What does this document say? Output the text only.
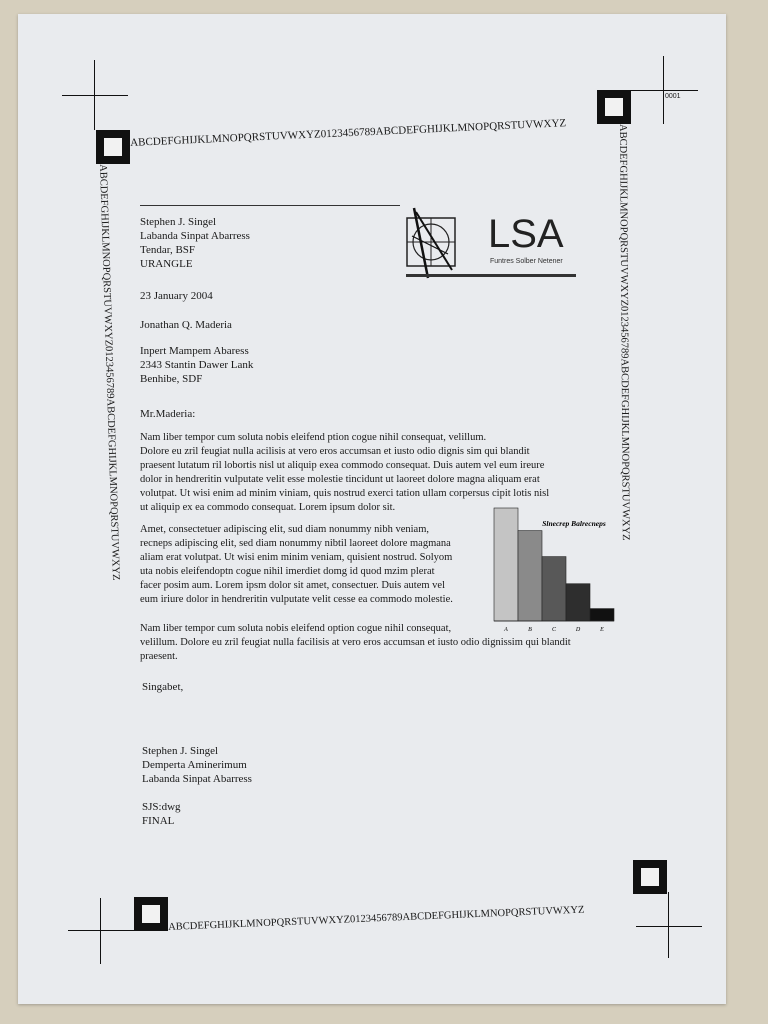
0001
ABCDEFGHIJKLMNOPQRSTUVWXYZ0123456789ABCDEFGHIJKLMNOPQRSTUVWXYZ
ABCDEFGHIJKLMNOPQRSTUVWXYZ0123456789ABCDEFGHIJKLMNOPQRSTUVWXYZ
ABCDEFGHIJKLMNOPQRSTUVWXYZ0123456789ABCDEFGHIJKLMNOPQRSTUVWXYZ	ABCDEFGHIJKLMNOPQRSTUVWXYZ0123456789ABCDEFGHIJKLMNOPQRSTUVWXYZ
Stephen J. Singel
Labanda Sinpat Abarress
Tendar, BSF
URANGLE
23 January 2004
Jonathan Q. Maderia
Inpert Mampem Abaress
2343 Stantin Dawer Lank
Benhibe, SDF
LSA
Funtres Solber Netener
Mr.Maderia:
Nam liber tempor cum soluta nobis eleifend ption cogue nihil consequat, velillum.
Dolore eu zril feugiat nulla acilisis at vero eros accumsan et iusto odio dignis sim qui blandit
praesent lutatum ril lobortis nisl ut aliquip exea commodo consequat. Duis autem vel eum ireure
dolor in hendreritin vulputate velit esse molestie tincidunt ut laoreet dolore magna aliquam erat
volutpat. Ut wisi enim ad minim viniam, quis nostrud exerci tation ullam corpersus cipit lotis nisl
ut aliquip ex ea commodo consequat. Lorem ipsum dolor sit.
Amet, consectetuer adipiscing elit, sud diam nonummy nibh veniam,
recneps adipiscing elit, sed diam nonummy nibtil laoreet dolore magmana
aliam erat volutpat. Ut wisi enim minim veniam, quisient nostrud. Solyom
uta nobis eleifendoptn cogue nihil imerdiet domg id quod mzim plerat
facer posim aum. Lorem ipsm dolor sit amet, consectuer. Duis autem vel
eum iriure dolor in hendreritin vulputate velit cesse ea commodo molestie.
Nam liber tempor cum soluta nobis eleifend option cogue nihil consequat,
velillum. Dolore eu zril feugiat nulla facilisis at vero eros accumsan et iusto odio dignissim qui blandit
praesent.
Singabet,
Stephen J. Singel
Demperta Aminerimum
Labanda Sinpat Abarress
SJS:dwg
FINAL
Slnecrep Balrecneps
A	B	C	D	E
